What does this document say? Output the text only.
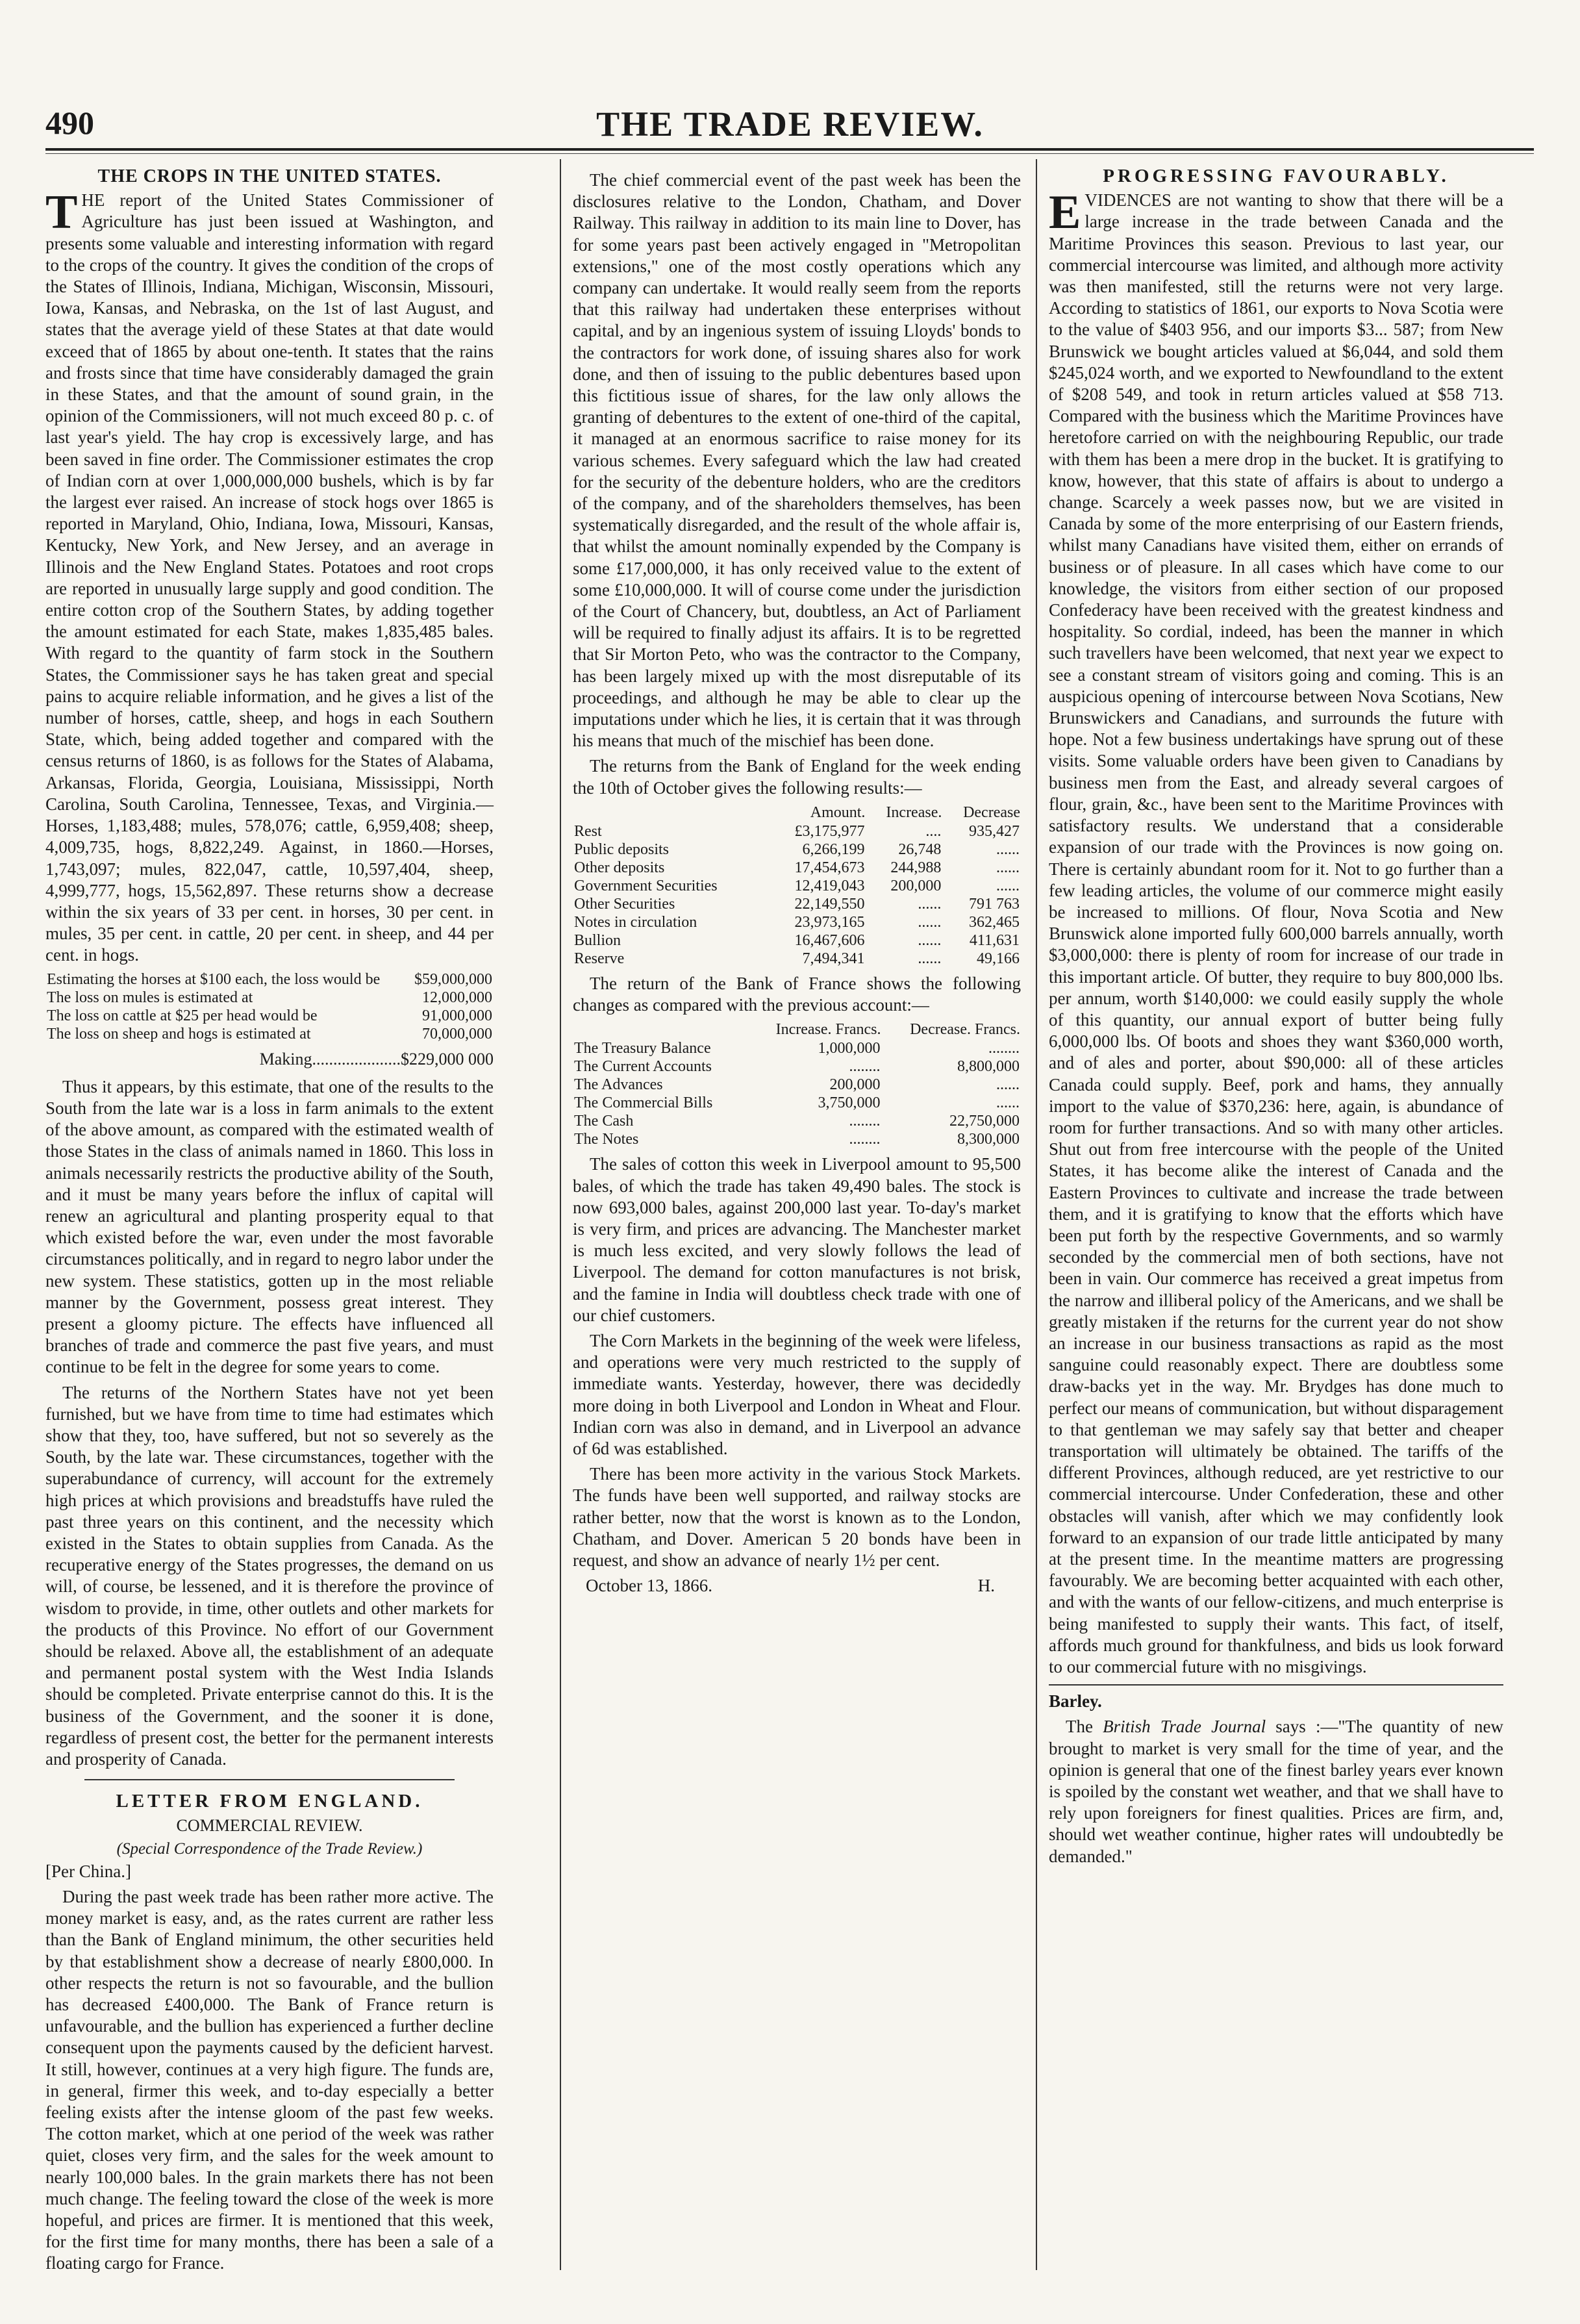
490	THE TRADE REVIEW.
THE CROPS IN THE UNITED STATES.

THE report of the United States Commissioner of Agriculture has just been issued at Washington, and presents some valuable and interesting information with regard to the crops of the country. It gives the condition of the crops of the States of Illinois, Indiana, Michigan, Wisconsin, Missouri, Iowa, Kansas, and Nebraska, on the 1st of last August, and states that the average yield of these States at that date would exceed that of 1865 by about one-tenth. It states that the rains and frosts since that time have considerably damaged the grain in these States, and that the amount of sound grain, in the opinion of the Commissioners, will not much exceed 80 p. c. of last year's yield. The hay crop is excessively large, and has been saved in fine order. The Commissioner estimates the crop of Indian corn at over 1,000,000,000 bushels, which is by far the largest ever raised. An increase of stock hogs over 1865 is reported in Maryland, Ohio, Indiana, Iowa, Missouri, Kansas, Kentucky, New York, and New Jersey, and an average in Illinois and the New England States. Potatoes and root crops are reported in unusually large supply and good condition. The entire cotton crop of the Southern States, by adding together the amount estimated for each State, makes 1,835,485 bales. With regard to the quantity of farm stock in the Southern States, the Commissioner says he has taken great and special pains to acquire reliable information, and he gives a list of the number of horses, cattle, sheep, and hogs in each Southern State, which, being added together and compared with the census returns of 1860, is as follows for the States of Alabama, Arkansas, Florida, Georgia, Louisiana, Mississippi, North Carolina, South Carolina, Tennessee, Texas, and Virginia.—Horses, 1,183,488; mules, 578,076; cattle, 6,959,408; sheep, 4,009,735, hogs, 8,822,249. Against, in 1860.—Horses, 1,743,097; mules, 822,047, cattle, 10,597,404, sheep, 4,999,777, hogs, 15,562,897. These returns show a decrease within the six years of 33 per cent. in horses, 30 per cent. in mules, 35 per cent. in cattle, 20 per cent. in sheep, and 44 per cent. in hogs.

Estimating the horses at $100 each, the loss would be	$59,000,000
The loss on mules is estimated at	12,000,000
The loss on cattle at $25 per head would be	91,000,000
The loss on sheep and hogs is estimated at	70,000,000
Making.....................$229,000 000

Thus it appears, by this estimate, that one of the results to the South from the late war is a loss in farm animals to the extent of the above amount, as compared with the estimated wealth of those States in the class of animals named in 1860. This loss in animals necessarily restricts the productive ability of the South, and it must be many years before the influx of capital will renew an agricultural and planting prosperity equal to that which existed before the war, even under the most favorable circumstances politically, and in regard to negro labor under the new system. These statistics, gotten up in the most reliable manner by the Government, possess great interest. They present a gloomy picture. The effects have influenced all branches of trade and commerce the past five years, and must continue to be felt in the degree for some years to come.

The returns of the Northern States have not yet been furnished, but we have from time to time had estimates which show that they, too, have suffered, but not so severely as the South, by the late war. These circumstances, together with the superabundance of currency, will account for the extremely high prices at which provisions and breadstuffs have ruled the past three years on this continent, and the necessity which existed in the States to obtain supplies from Canada. As the recuperative energy of the States progresses, the demand on us will, of course, be lessened, and it is therefore the province of wisdom to provide, in time, other outlets and other markets for the products of this Province. No effort of our Government should be relaxed. Above all, the establishment of an adequate and permanent postal system with the West India Islands should be completed. Private enterprise cannot do this. It is the business of the Government, and the sooner it is done, regardless of present cost, the better for the permanent interests and prosperity of Canada.

LETTER FROM ENGLAND.
COMMERCIAL REVIEW.
(Special Correspondence of the Trade Review.)

[Per China.]

During the past week trade has been rather more active. The money market is easy, and, as the rates current are rather less than the Bank of England minimum, the other securities held by that establishment show a decrease of nearly £800,000. In other respects the return is not so favourable, and the bullion has decreased £400,000. The Bank of France return is unfavourable, and the bullion has experienced a further decline consequent upon the payments caused by the deficient harvest. It still, however, continues at a very high figure. The funds are, in general, firmer this week, and to-day especially a better feeling exists after the intense gloom of the past few weeks. The cotton market, which at one period of the week was rather quiet, closes very firm, and the sales for the week amount to nearly 100,000 bales. In the grain markets there has not been much change. The feeling toward the close of the week is more hopeful, and prices are firmer. It is mentioned that this week, for the first time for many months, there has been a sale of a floating cargo for France.

The chief commercial event of the past week has been the disclosures relative to the London, Chatham, and Dover Railway. This railway in addition to its main line to Dover, has for some years past been actively engaged in "Metropolitan extensions," one of the most costly operations which any company can undertake. It would really seem from the reports that this railway had undertaken these enterprises without capital, and by an ingenious system of issuing Lloyds' bonds to the contractors for work done, of issuing shares also for work done, and then of issuing to the public debentures based upon this fictitious issue of shares, for the law only allows the granting of debentures to the extent of one-third of the capital, it managed at an enormous sacrifice to raise money for its various schemes. Every safeguard which the law had created for the security of the debenture holders, who are the creditors of the company, and of the shareholders themselves, has been systematically disregarded, and the result of the whole affair is, that whilst the amount nominally expended by the Company is some £17,000,000, it has only received value to the extent of some £10,000,000. It will of course come under the jurisdiction of the Court of Chancery, but, doubtless, an Act of Parliament will be required to finally adjust its affairs. It is to be regretted that Sir Morton Peto, who was the contractor to the Company, has been largely mixed up with the most disreputable of its proceedings, and although he may be able to clear up the imputations under which he lies, it is certain that it was through his means that much of the mischief has been done.

The returns from the Bank of England for the week ending the 10th of October gives the following results:—

	Amount.	Increase.	Decrease
Rest	£3,175,977	....	935,427
Public deposits	6,266,199	26,748	......
Other deposits	17,454,673	244,988	......
Government Securities	12,419,043	200,000	......
Other Securities	22,149,550	......	791 763
Notes in circulation	23,973,165	......	362,465
Bullion	16,467,606	......	411,631
Reserve	7,494,341	......	49,166

The return of the Bank of France shows the following changes as compared with the previous account:—

	Increase. Francs.	Decrease. Francs.
The Treasury Balance	1,000,000	........
The Current Accounts	........	8,800,000
The Advances	200,000	......
The Commercial Bills	3,750,000	......
The Cash	........	22,750,000
The Notes	........	8,300,000

The sales of cotton this week in Liverpool amount to 95,500 bales, of which the trade has taken 49,490 bales. The stock is now 693,000 bales, against 200,000 last year. To-day's market is very firm, and prices are advancing. The Manchester market is much less excited, and very slowly follows the lead of Liverpool. The demand for cotton manufactures is not brisk, and the famine in India will doubtless check trade with one of our chief customers.

The Corn Markets in the beginning of the week were lifeless, and operations were very much restricted to the supply of immediate wants. Yesterday, however, there was decidedly more doing in both Liverpool and London in Wheat and Flour. Indian corn was also in demand, and in Liverpool an advance of 6d was established.

There has been more activity in the various Stock Markets. The funds have been well supported, and railway stocks are rather better, now that the worst is known as to the London, Chatham, and Dover. American 5 20 bonds have been in request, and show an advance of nearly 1½ per cent.

October 13, 1866.	H.
PROGRESSING FAVOURABLY.

EVIDENCES are not wanting to show that there will be a large increase in the trade between Canada and the Maritime Provinces this season. Previous to last year, our commercial intercourse was limited, and although more activity was then manifested, still the returns were not very large. According to statistics of 1861, our exports to Nova Scotia were to the value of $403 956, and our imports $3... 587; from New Brunswick we bought articles valued at $6,044, and sold them $245,024 worth, and we exported to Newfoundland to the extent of $208 549, and took in return articles valued at $58 713. Compared with the business which the Maritime Provinces have heretofore carried on with the neighbouring Republic, our trade with them has been a mere drop in the bucket. It is gratifying to know, however, that this state of affairs is about to undergo a change. Scarcely a week passes now, but we are visited in Canada by some of the more enterprising of our Eastern friends, whilst many Canadians have visited them, either on errands of business or of pleasure. In all cases which have come to our knowledge, the visitors from either section of our proposed Confederacy have been received with the greatest kindness and hospitality. So cordial, indeed, has been the manner in which such travellers have been welcomed, that next year we expect to see a constant stream of visitors going and coming. This is an auspicious opening of intercourse between Nova Scotians, New Brunswickers and Canadians, and surrounds the future with hope. Not a few business undertakings have sprung out of these visits. Some valuable orders have been given to Canadians by business men from the East, and already several cargoes of flour, grain, &c., have been sent to the Maritime Provinces with satisfactory results. We understand that a considerable expansion of our trade with the Provinces is now going on. There is certainly abundant room for it. Not to go further than a few leading articles, the volume of our commerce might easily be increased to millions. Of flour, Nova Scotia and New Brunswick alone imported fully 600,000 barrels annually, worth $3,000,000: there is plenty of room for increase of our trade in this important article. Of butter, they require to buy 800,000 lbs. per annum, worth $140,000: we could easily supply the whole of this quantity, our annual export of butter being fully 6,000,000 lbs. Of boots and shoes they want $360,000 worth, and of ales and porter, about $90,000: all of these articles Canada could supply. Beef, pork and hams, they annually import to the value of $370,236: here, again, is abundance of room for further transactions. And so with many other articles. Shut out from free intercourse with the people of the United States, it has become alike the interest of Canada and the Eastern Provinces to cultivate and increase the trade between them, and it is gratifying to know that the efforts which have been put forth by the respective Governments, and so warmly seconded by the commercial men of both sections, have not been in vain. Our commerce has received a great impetus from the narrow and illiberal policy of the Americans, and we shall be greatly mistaken if the returns for the current year do not show an increase in our business transactions as rapid as the most sanguine could reasonably expect. There are doubtless some draw-backs yet in the way. Mr. Brydges has done much to perfect our means of communication, but without disparagement to that gentleman we may safely say that better and cheaper transportation will ultimately be obtained. The tariffs of the different Provinces, although reduced, are yet restrictive to our commercial intercourse. Under Confederation, these and other obstacles will vanish, after which we may confidently look forward to an expansion of our trade little anticipated by many at the present time. In the meantime matters are progressing favourably. We are becoming better acquainted with each other, and with the wants of our fellow-citizens, and much enterprise is being manifested to supply their wants. This fact, of itself, affords much ground for thankfulness, and bids us look forward to our commercial future with no misgivings.

Barley.

The British Trade Journal says :—"The quantity of new brought to market is very small for the time of year, and the opinion is general that one of the finest barley years ever known is spoiled by the constant wet weather, and that we shall have to rely upon foreigners for finest qualities. Prices are firm, and, should wet weather continue, higher rates will undoubtedly be demanded."
